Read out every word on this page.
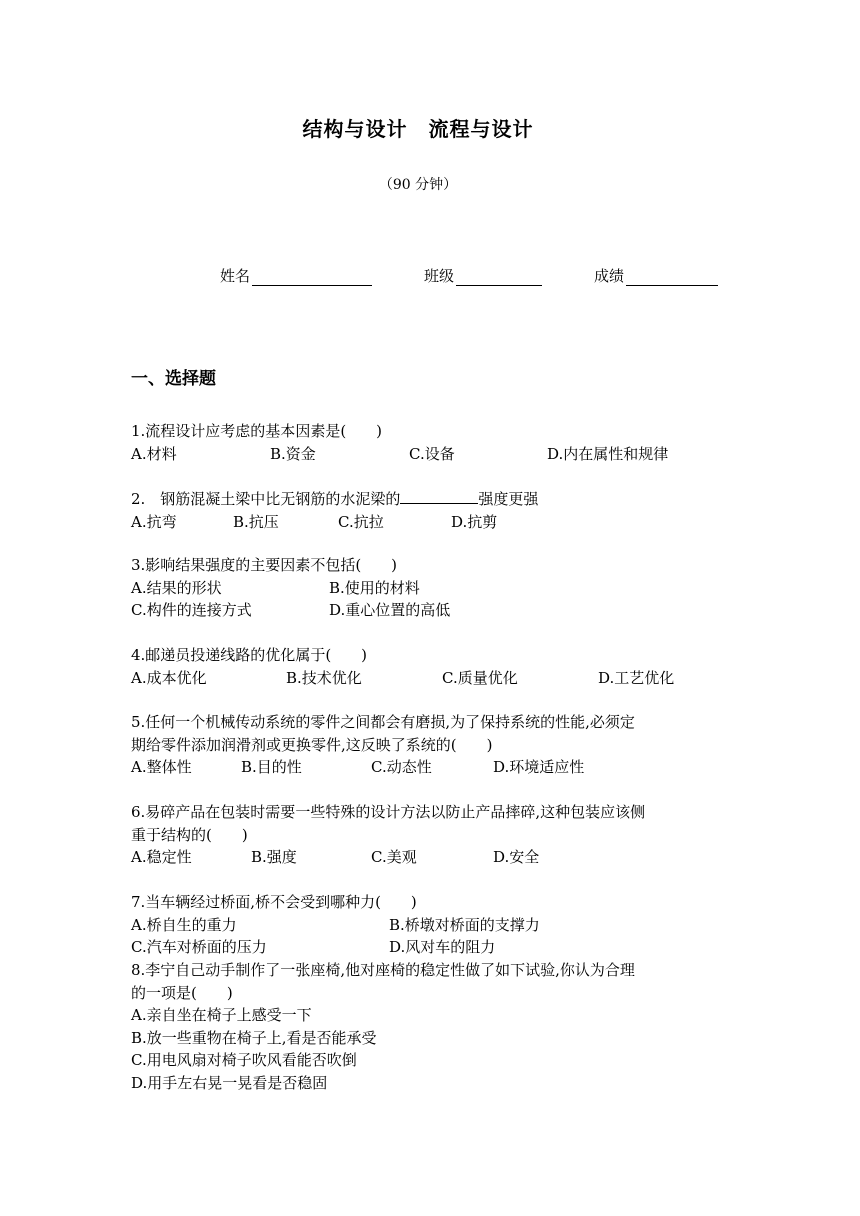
结构与设计　流程与设计
（90 分钟）
姓名	班级	成绩
一、选择题
1.流程设计应考虑的基本因素是(　　)
A.材料	B.资金	C.设备	D.内在属性和规律
2.　钢筋混凝土梁中比无钢筋的水泥梁的	强度更强
A.抗弯	B.抗压	C.抗拉	D.抗剪
3.影响结果强度的主要因素不包括(　　)
A.结果的形状	B.使用的材料
C.构件的连接方式	D.重心位置的高低
4.邮递员投递线路的优化属于(　　)
A.成本优化	B.技术优化	C.质量优化	D.工艺优化
5.任何一个机械传动系统的零件之间都会有磨损,为了保持系统的性能,必须定
期给零件添加润滑剂或更换零件,这反映了系统的(　　)
A.整体性	B.目的性	C.动态性	D.环境适应性
6.易碎产品在包装时需要一些特殊的设计方法以防止产品摔碎,这种包装应该侧
重于结构的(　　)
A.稳定性	B.强度	C.美观	D.安全
7.当车辆经过桥面,桥不会受到哪种力(　　)
A.桥自生的重力	B.桥墩对桥面的支撑力
C.汽车对桥面的压力	D.风对车的阻力
8.李宁自己动手制作了一张座椅,他对座椅的稳定性做了如下试验,你认为合理
的一项是(　　)
A.亲自坐在椅子上感受一下
B.放一些重物在椅子上,看是否能承受
C.用电风扇对椅子吹风看能否吹倒
D.用手左右晃一晃看是否稳固
